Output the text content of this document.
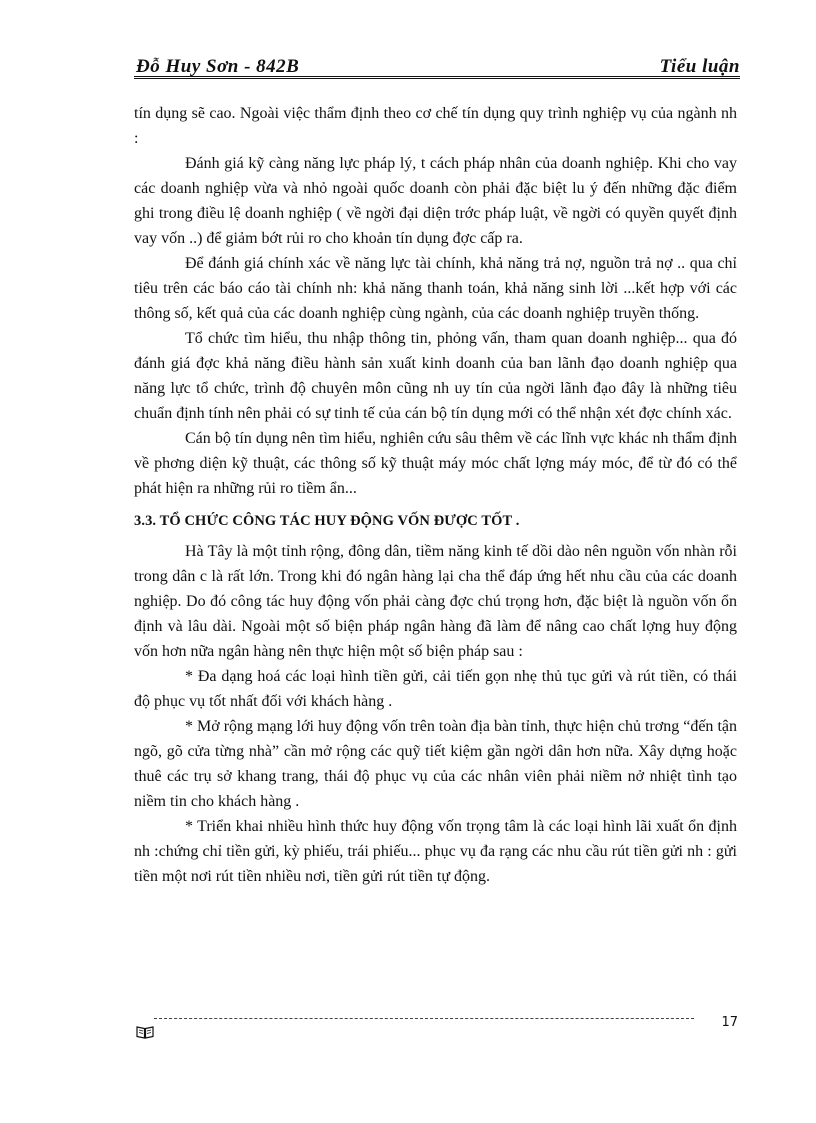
Đỗ Huy Sơn - 842B	Tiểu luận

tín dụng sẽ cao. Ngoài việc thẩm định theo cơ chế tín dụng quy trình nghiệp vụ của ngành nh :

Đánh giá kỹ càng năng lực pháp lý, t cách pháp nhân của doanh nghiệp. Khi cho vay các doanh nghiệp vừa và nhỏ ngoài quốc doanh còn phải đặc biệt lu ý đến những đặc điểm ghi trong điều lệ doanh nghiệp ( về ngời đại diện trớc pháp luật, về ngời có quyền quyết định vay vốn ..) để giảm bớt rủi ro cho khoản tín dụng đợc cấp ra.

Để đánh giá chính xác về năng lực tài chính, khả năng trả nợ, nguồn trả nợ .. qua chỉ tiêu trên các báo cáo tài chính nh: khả năng thanh toán, khả năng sinh lời ...kết hợp với các thông số, kết quả của các doanh nghiệp cùng ngành, của các doanh nghiệp truyền thống.

Tổ chức tìm hiểu, thu nhập thông tin, phỏng vấn, tham quan doanh nghiệp... qua đó đánh giá đợc khả năng điều hành sản xuất kinh doanh của ban lãnh đạo doanh nghiệp qua năng lực tổ chức, trình độ chuyên môn cũng nh uy tín của ngời lãnh đạo đây là những tiêu chuẩn định tính nên phải có sự tinh tế của cán bộ tín dụng mới có thể nhận xét đợc chính xác.

Cán bộ tín dụng nên tìm hiểu, nghiên cứu sâu thêm về các lĩnh vực khác nh thẩm định về phơng diện kỹ thuật, các thông số kỹ thuật máy móc chất lợng máy móc, để từ đó có thể phát hiện ra những rủi ro tiềm ẩn...

3.3. TỔ CHỨC CÔNG TÁC HUY ĐỘNG VỐN ĐƯỢC TỐT .

Hà Tây là một tỉnh rộng, đông dân, tiềm năng kinh tế dồi dào nên nguồn vốn nhàn rỗi trong dân c là rất lớn. Trong khi đó ngân hàng lại cha thể đáp ứng hết nhu cầu của các doanh nghiệp. Do đó công tác huy động vốn phải càng đợc chú trọng hơn, đặc biệt là nguồn vốn ổn định và lâu dài. Ngoài một số biện pháp ngân hàng đã làm để nâng cao chất lợng huy động vốn hơn nữa ngân hàng nên thực hiện một số biện pháp sau :

* Đa dạng hoá các loại hình tiền gửi, cải tiến gọn nhẹ thủ tục gửi và rút tiền, có thái độ phục vụ tốt nhất đối với khách hàng .

* Mở rộng mạng lới huy động vốn trên toàn địa bàn tỉnh, thực hiện chủ trơng “đến tận ngõ, gõ cửa từng nhà” cần mở rộng các quỹ tiết kiệm gần ngời dân hơn nữa. Xây dựng hoặc thuê các trụ sở khang trang, thái độ phục vụ của các nhân viên phải niềm nở nhiệt tình tạo niềm tin cho khách hàng .

* Triển khai nhiều hình thức huy động vốn trọng tâm là các loại hình lãi xuất ổn định nh :chứng chỉ tiền gửi, kỳ phiếu, trái phiếu... phục vụ đa rạng các nhu cầu rút tiền gửi nh : gửi tiền một nơi rút tiền nhiều nơi, tiền gửi rút tiền tự động.

17
